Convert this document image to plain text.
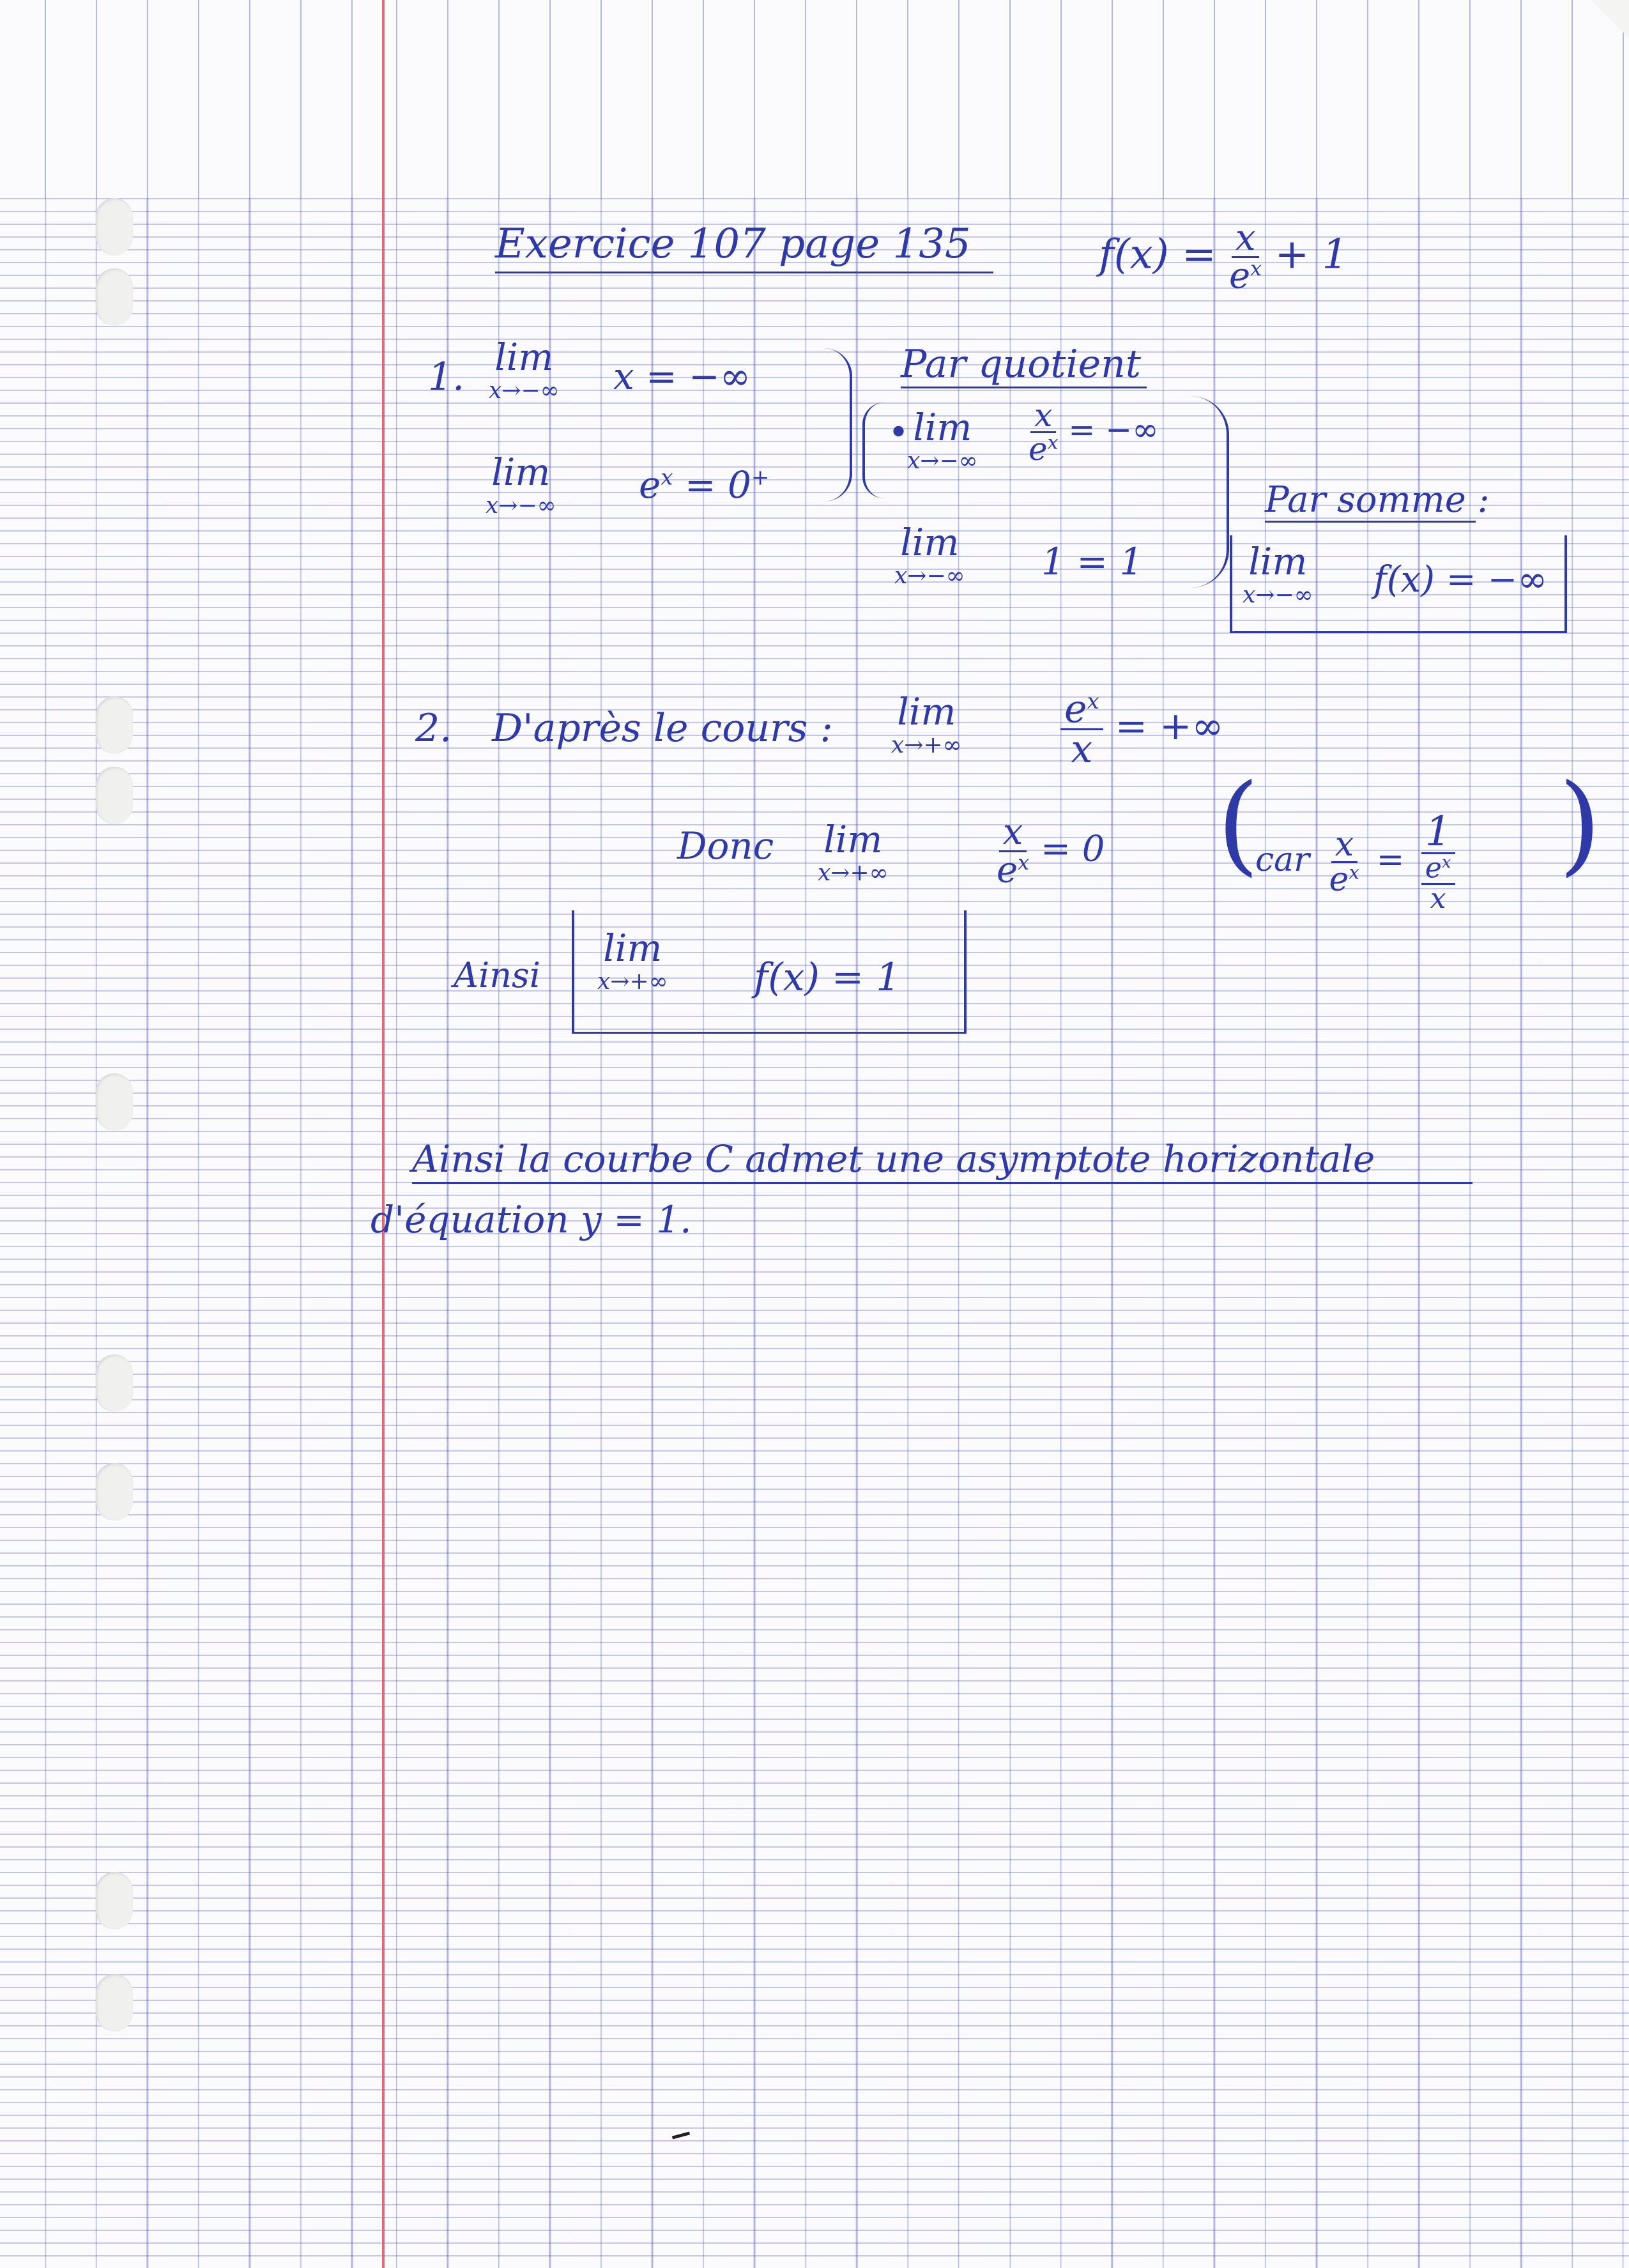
Exercice 107 page 135	$f(x) = \frac{x}{e^x} + 1$
1. lim
x→−∞ x = −∞
lim
x→−∞ $e^x = 0^+$
Par quotient
• lim
$x\to-\infty \frac{x}{e^x}$ = −∞
lim
x→−∞ 1 = 1
Par somme :
lim
x→−∞ f(x) = −∞
2. D'après le cours : lim
x→+∞	$\frac{e^x}{x}$ = +∞
Donc lim
x→+∞	$\frac{x}{e^x} = 0$ (
car $\frac{x}{e^x} = \frac{1}{\frac{e^x}{x}}$ )
Ainsi
lim
x→+∞ f(x) = 1
Ainsi la courbe C admet une asymptote horizontale
d'équation y = 1.
